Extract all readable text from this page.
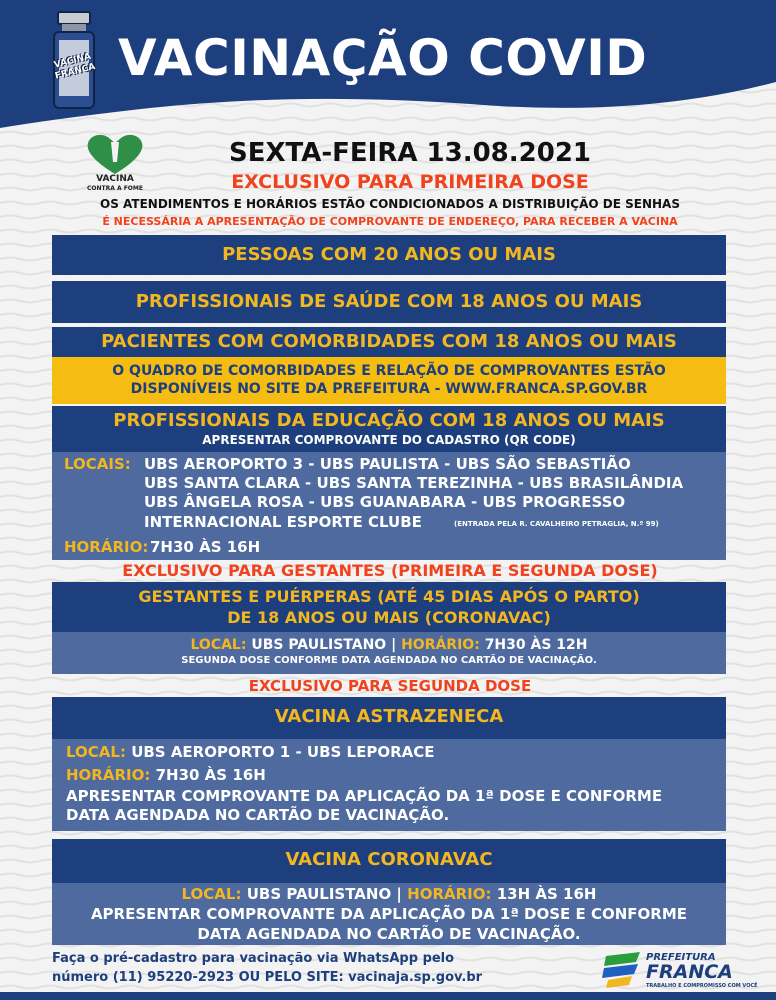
VACINA FRANCA VACINAÇÃO COVID
VACINA
CONTRA A FOME
SEXTA-FEIRA 13.08.2021
EXCLUSIVO PARA PRIMEIRA DOSE
OS ATENDIMENTOS E HORÁRIOS ESTÃO CONDICIONADOS A DISTRIBUIÇÃO DE SENHAS
É NECESSÁRIA A APRESENTAÇÃO DE COMPROVANTE DE ENDEREÇO, PARA RECEBER A VACINA
PESSOAS COM 20 ANOS OU MAIS
PROFISSIONAIS DE SAÚDE COM 18 ANOS OU MAIS
PACIENTES COM COMORBIDADES COM 18 ANOS OU MAIS
O QUADRO DE COMORBIDADES E RELAÇÃO DE COMPROVANTES ESTÃO
DISPONÍVEIS NO SITE DA PREFEITURA - WWW.FRANCA.SP.GOV.BR
PROFISSIONAIS DA EDUCAÇÃO COM 18 ANOS OU MAIS
APRESENTAR COMPROVANTE DO CADASTRO (QR CODE)
LOCAIS: UBS AEROPORTO 3 - UBS PAULISTA - UBS SÃO SEBASTIÃO
UBS SANTA CLARA - UBS SANTA TEREZINHA - UBS BRASILÂNDIA
UBS ÂNGELA ROSA - UBS GUANABARA - UBS PROGRESSO
INTERNACIONAL ESPORTE CLUBE	(ENTRADA PELA R. CAVALHEIRO PETRAGLIA, N.º 99)
HORÁRIO: 7H30 ÀS 16H
EXCLUSIVO PARA GESTANTES (PRIMEIRA E SEGUNDA DOSE)
GESTANTES E PUÉRPERAS (ATÉ 45 DIAS APÓS O PARTO)
DE 18 ANOS OU MAIS (CORONAVAC)
LOCAL: UBS PAULISTANO | HORÁRIO: 7H30 ÀS 12H
SEGUNDA DOSE CONFORME DATA AGENDADA NO CARTÃO DE VACINAÇÃO.
EXCLUSIVO PARA SEGUNDA DOSE
VACINA ASTRAZENECA
LOCAL: UBS AEROPORTO 1 - UBS LEPORACE
HORÁRIO: 7H30 ÀS 16H
APRESENTAR COMPROVANTE DA APLICAÇÃO DA 1ª DOSE E CONFORME
DATA AGENDADA NO CARTÃO DE VACINAÇÃO.
VACINA CORONAVAC
LOCAL: UBS PAULISTANO | HORÁRIO: 13H ÀS 16H
APRESENTAR COMPROVANTE DA APLICAÇÃO DA 1ª DOSE E CONFORME
DATA AGENDADA NO CARTÃO DE VACINAÇÃO.
Faça o pré-cadastro para vacinação via WhatsApp pelo
número (11) 95220-2923 OU PELO SITE: vacinaja.sp.gov.br
PREFEITURA
FRANCA
TRABALHO E COMPROMISSO COM VOCÊ
